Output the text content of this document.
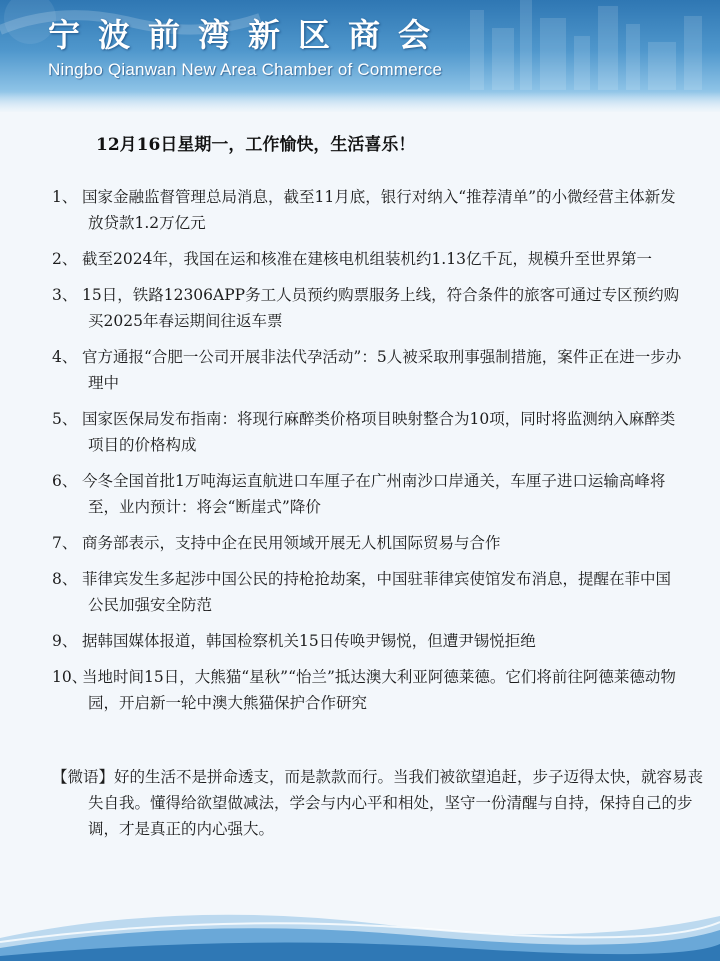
宁波前湾新区商会
Ningbo Qianwan New Area Chamber of Commerce
12月16日星期一，工作愉快，生活喜乐！
1、 国家金融监督管理总局消息，截至11月底，银行对纳入“推荐清单”的小微经营主体新发放贷款1.2万亿元
2、 截至2024年，我国在运和核准在建核电机组装机约1.13亿千瓦，规模升至世界第一
3、 15日，铁路12306APP务工人员预约购票服务上线，符合条件的旅客可通过专区预约购买2025年春运期间往返车票
4、 官方通报“合肥一公司开展非法代孕活动”：5人被采取刑事强制措施，案件正在进一步办理中
5、 国家医保局发布指南：将现行麻醉类价格项目映射整合为10项，同时将监测纳入麻醉类项目的价格构成
6、 今冬全国首批1万吨海运直航进口车厘子在广州南沙口岸通关，车厘子进口运输高峰将至，业内预计：将会“断崖式”降价
7、 商务部表示，支持中企在民用领域开展无人机国际贸易与合作
8、 菲律宾发生多起涉中国公民的持枪抢劫案，中国驻菲律宾使馆发布消息，提醒在菲中国公民加强安全防范
9、 据韩国媒体报道，韩国检察机关15日传唤尹锡悦，但遭尹锡悦拒绝
10、当地时间15日，大熊猫“星秋”“怡兰”抵达澳大利亚阿德莱德。它们将前往阿德莱德动物园，开启新一轮中澳大熊猫保护合作研究
【微语】好的生活不是拼命透支，而是款款而行。当我们被欲望追赶，步子迈得太快，就容易丧失自我。懂得给欲望做减法，学会与内心平和相处，坚守一份清醒与自持，保持自己的步调，才是真正的内心强大。
